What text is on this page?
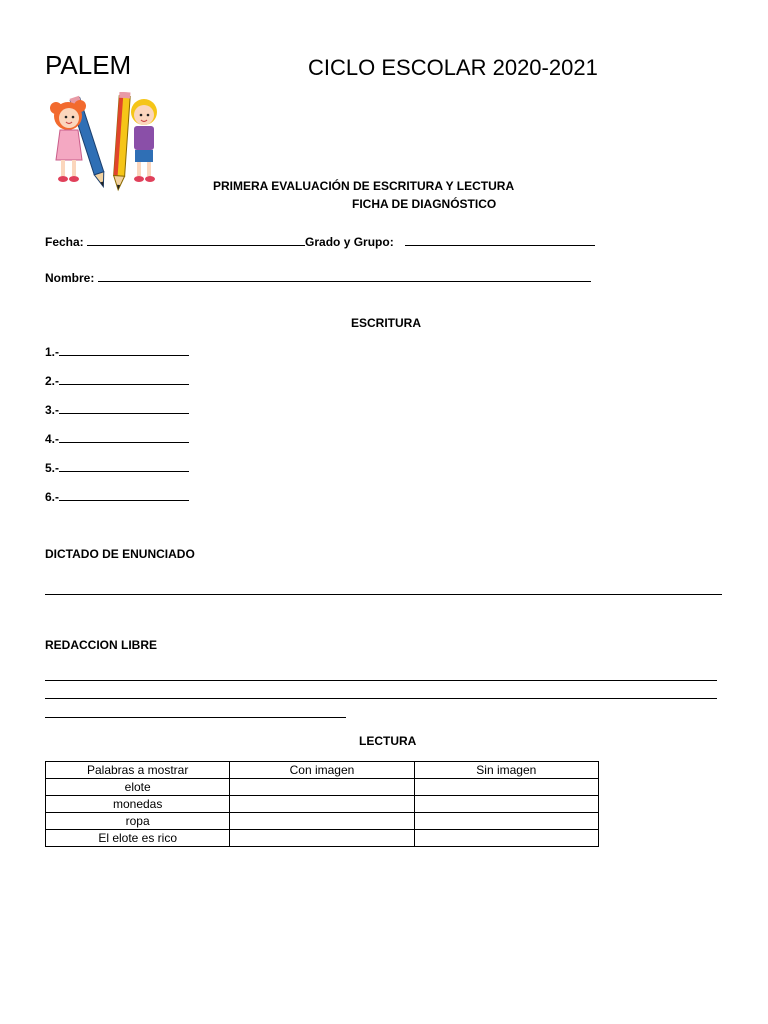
PALEM	CICLO ESCOLAR 2020-2021
PRIMERA EVALUACIÓN DE ESCRITURA Y LECTURA
FICHA DE DIAGNÓSTICO
Fecha:	Grado y Grupo:
Nombre:
ESCRITURA
1.-
2.-
3.-
4.-
5.-
6.-
DICTADO DE ENUNCIADO
REDACCION LIBRE
LECTURA
Palabras a mostrar	Con imagen	Sin imagen
elote		
monedas		
ropa		
El elote es rico		
